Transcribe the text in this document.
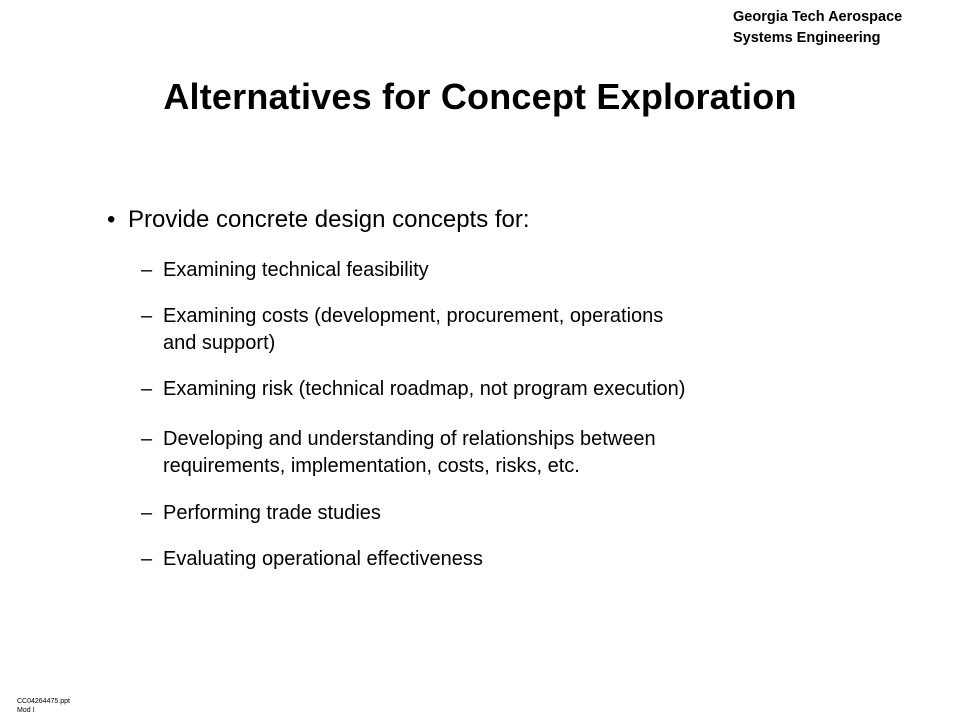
Georgia Tech Aerospace
Systems Engineering
Alternatives for Concept Exploration
• Provide concrete design concepts for:
– Examining technical feasibility
– Examining costs (development, procurement, operations
and support)
– Examining risk (technical roadmap, not program execution)
– Developing and understanding of relationships between
requirements, implementation, costs, risks, etc.
– Performing trade studies
– Evaluating operational effectiveness
CC04264475.ppt
Mod I
